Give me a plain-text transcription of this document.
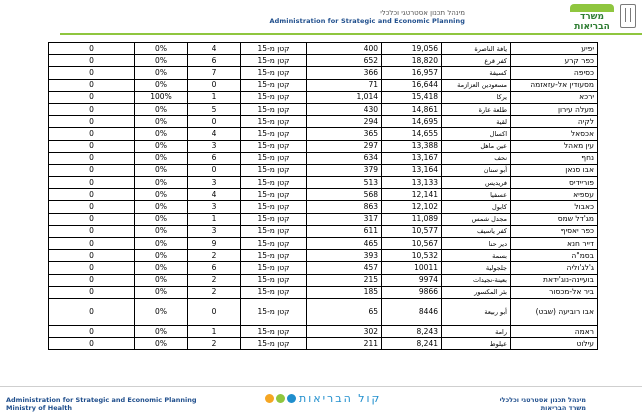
מינהל תכנון אסטרטגי וכלכלי
Administration for Strategic and Economic Planning	משרד הבריאות
0	0%	4	קטן מ-15	400	19,056	يافة الناصرة	יפיע
0	0%	6	קטן מ-15	652	18,820	كفر قرع	כפר קרע
0	0%	7	קטן מ-15	366	16,957	كسيفة	כסיפה
0	0%	0	קטן מ-15	71	16,644	مسعودين العزازمة	מסעודין אל-עזאזמה
0	100%	1	קטן מ-15	1,014	15,418	يركا	ירכא
0	0%	5	קטן מ-15	430	14,861	طلعة عارة	מעלה עירון
0	0%	0	קטן מ-15	294	14,695	لقية	לקיה
0	0%	4	קטן מ-15	365	14,655	اكسال	אכסאל
0	0%	3	קטן מ-15	297	13,388	عين ماهل	עין מאהל
0	0%	6	קטן מ-15	634	13,167	نحف	נחף
0	0%	0	קטן מ-15	379	13,164	أبو سنان	אבו סנאן
0	0%	3	קטן מ-15	513	13,133	فريديس	פוריידיס
0	0%	4	קטן מ-15	568	12,141	عسفيا	עספיא
0	0%	3	קטן מ-15	863	12,102	كابول	כאבול
0	0%	1	קטן מ-15	317	11,089	مجدل شمس	מג'דל שמס
0	0%	3	קטן מ-15	611	10,577	كفر ياسيف	כפר יאסיף
0	0%	9	קטן מ-15	465	10,567	دير حنا	דייר חנא
0	0%	2	קטן מ-15	393	10,532	بسمة	בסמ"ה
0	0%	6	קטן מ-15	457	10011	جلجولية	ג'לג'וליה
0	0%	2	קטן מ-15	215	9974	بعينة-نجيدات	בועיינה-נוג'ידאת
0	0%	2	קטן מ-15	185	9866	بئر المكسور	ביר אל-מכסור
0	0%	0	קטן מ-15	65	8446	أبو ربيعة	אבו רוביעה (שבט)
0	0%	1	קטן מ-15	302	8,243	رامة	ראמה
0	0%	2	קטן מ-15	211	8,241	عيلوط	עילוט
Administration for Strategic and Economic Planning
Ministry of Health
קול הבריאות	מינהל תכנון אסטרטגי וכלכלי
משרד הבריאות
